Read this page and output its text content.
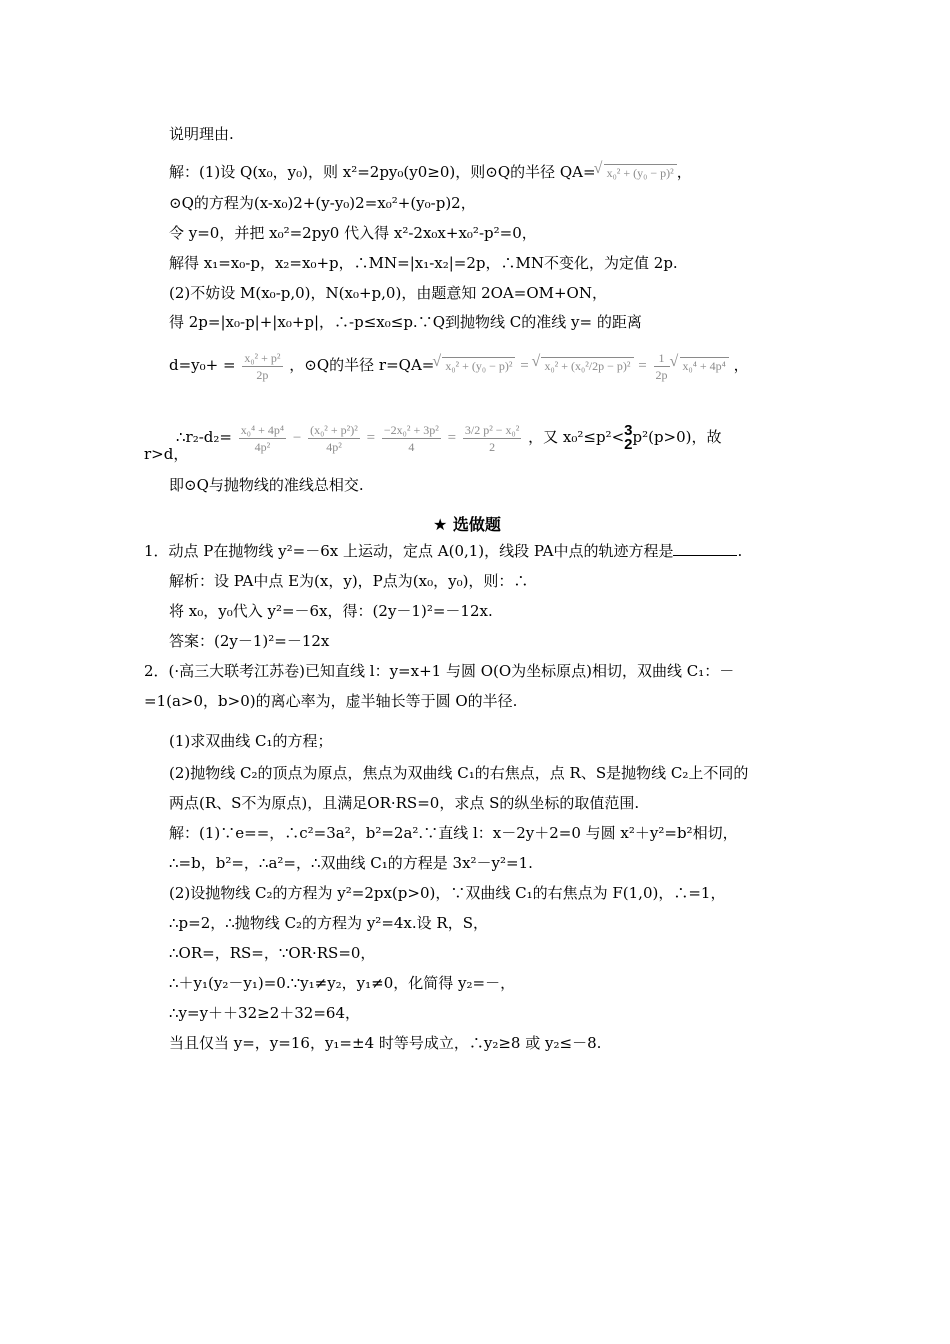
说明理由.
解：(1)设 Q(x₀，y₀)，则 x²=2py₀(y0≥0)，则⊙Q的半径 QA= √ x₀² + (y₀ − p)² ，
⊙Q的方程为(x-x₀)2+(y-y₀)2=x₀²+(y₀-p)2，
令 y=0，并把 x₀²=2py0 代入得 x²-2x₀x+x₀²-p²=0，
解得 x₁=x₀-p，x₂=x₀+p，∴MN=|x₁-x₂|=2p，∴MN不变化，为定值 2p.
(2)不妨设 M(x₀-p,0)，N(x₀+p,0)，由题意知 2OA=OM+ON，
得 2p=|x₀-p|+|x₀+p|，∴-p≤x₀≤p.∵Q到抛物线 C的准线 y= 的距离
$d=y_0+ = \frac{\text{x₀² + p²}}{2p}$ ，⊙Q的半径 r=QA= √ x₀² + (y₀ − p)² = √ $x_0^2 + (x_0^2/2p - p)^2 = \frac{1}{2p}$ √ x₀⁴ + 4p⁴ ，
∴r₂-d₂= $\frac{\text{x₀⁴ + 4p⁴}}{\text{4p²}} - \frac{\text{(x₀² + p²)²}}{\text{4p²}} = \frac{\text{−2x₀² + 3p²}}{4} = \frac{\text{3/2 p² − x₀²}}{2}$ ，又 x₀²≤p²< 3
2 p²(p>0)，故
r>d，
即⊙Q与抛物线的准线总相交.
★ 选做题
1．动点 P在抛物线 y²=－6x 上运动，定点 A(0,1)，线段 PA中点的轨迹方程是	.
解析：设 PA中点 E为(x，y)，P点为(x₀，y₀)，则：∴
将 x₀，y₀代入 y²=－6x，得：(2y－1)²=－12x.
答案：(2y－1)²=－12x
2．(·高三大联考江苏卷)已知直线 l：y=x+1 与圆 O(O为坐标原点)相切，双曲线 C₁：－
=1(a>0，b>0)的离心率为，虚半轴长等于圆 O的半径.
(1)求双曲线 C₁的方程；
(2)抛物线 C₂的顶点为原点，焦点为双曲线 C₁的右焦点，点 R、S是抛物线 C₂上不同的
两点(R、S不为原点)，且满足OR·RS=0，求点 S的纵坐标的取值范围.
解：(1)∵e==，∴c²=3a²，b²=2a².∵直线 l：x－2y＋2=0 与圆 x²＋y²=b²相切，
∴=b，b²=，∴a²=，∴双曲线 C₁的方程是 3x²－y²=1.
(2)设抛物线 C₂的方程为 y²=2px(p>0)，∵双曲线 C₁的右焦点为 F(1,0)，∴=1，
∴p=2，∴抛物线 C₂的方程为 y²=4x.设 R，S，
∴OR=，RS=，∵OR·RS=0，
∴＋y₁(y₂－y₁)=0.∵y₁≠y₂，y₁≠0，化简得 y₂=－，
∴y=y＋＋32≥2＋32=64，
当且仅当 y=，y=16，y₁=±4 时等号成立，∴y₂≥8 或 y₂≤－8.
